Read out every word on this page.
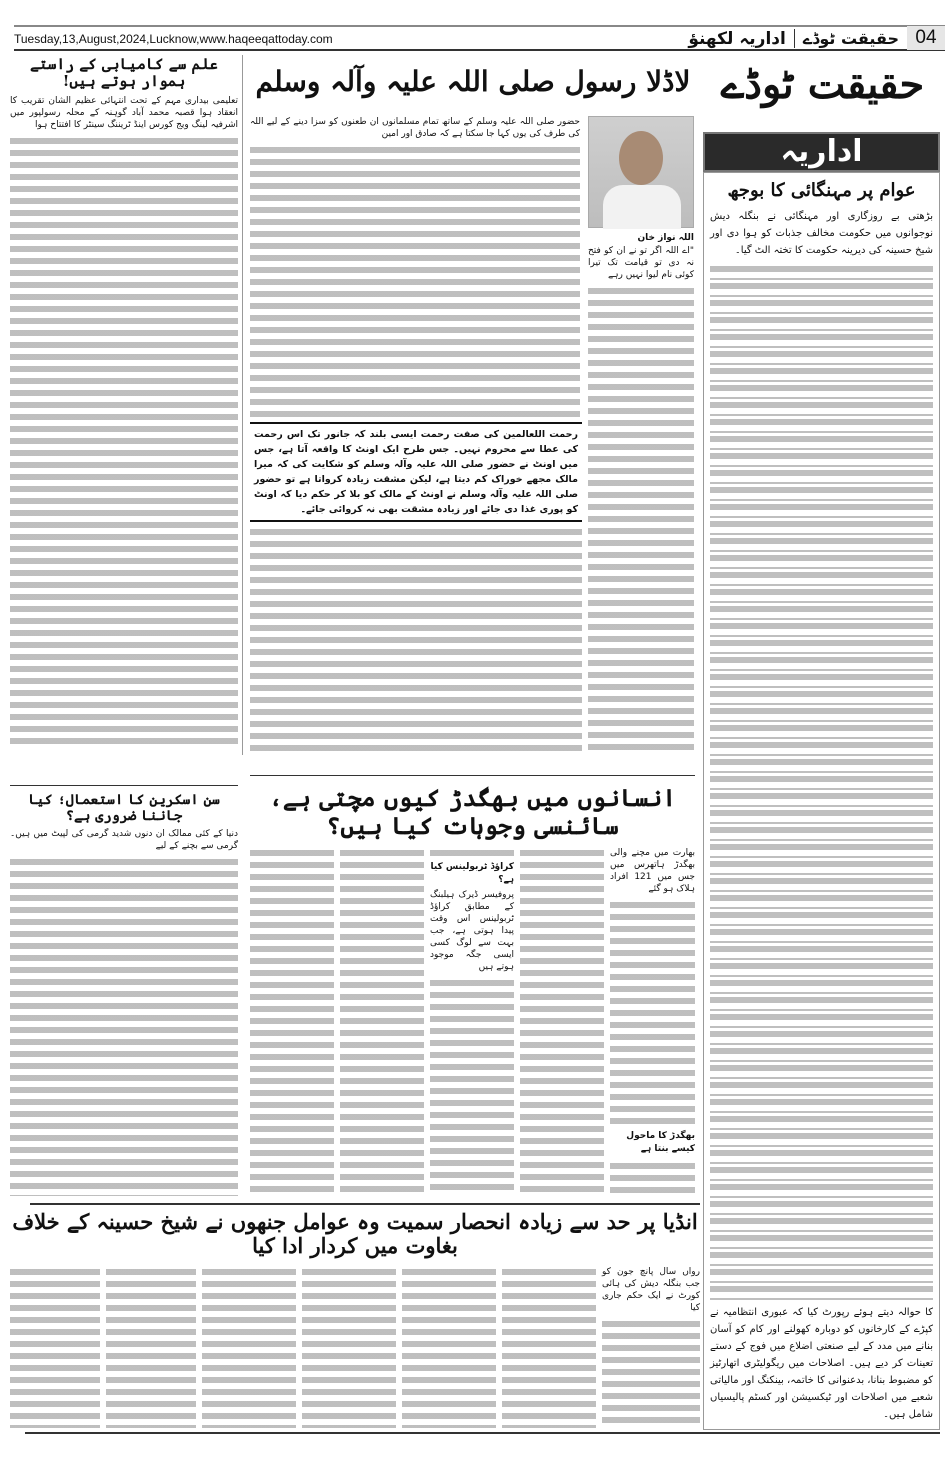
Tuesday,13,August,2024,Lucknow,www.haqeeqattoday.com	04
حقیقت ٹوڈے
اداریہ لکھنؤ
حقیقت ٹوڈے
اداریہ
عوام پر مہنگائی کا بوجھ
بڑھتی بے روزگاری اور مہنگائی نے بنگلہ دیش نوجوانوں میں حکومت مخالف جذبات کو ہوا دی اور شیخ حسینہ کی دیرینہ حکومت کا تختہ الٹ گیا۔
کا حوالہ دیتے ہوئے رپورٹ کیا کہ عبوری انتظامیہ نے کپڑے کے کارخانوں کو دوبارہ کھولنے اور کام کو آسان بنانے میں مدد کے لیے صنعتی اضلاع میں فوج کے دستے تعینات کر دیے ہیں۔ اصلاحات میں ریگولیٹری اتھارٹیز کو مضبوط بنانا، بدعنوانی کا خاتمہ، بینکنگ اور مالیاتی شعبے میں اصلاحات اور ٹیکسیشن اور کسٹم پالیسیاں شامل ہیں۔
لاڈلا رسول صلی اللہ علیہ وآلہ وسلم
اللہ نواز خان
"اے اللہ اگر تو نے ان کو فتح نہ دی تو قیامت تک تیرا کوئی نام لیوا نہیں رہے
حضور صلی اللہ علیہ وسلم کے ساتھ تمام مسلمانوں ان طعنوں کو سزا دینے کے لیے اللہ کی طرف کی یوں کہا جا سکتا ہے کہ صادق اور امین
رحمت اللعالمین کی صفت رحمت ایسی بلند کہ جانور تک اس رحمت کی عطا سے محروم نہیں۔ جس طرح ایک اونٹ کا واقعہ آتا ہے، جس میں اونٹ نے حضور صلی اللہ علیہ وآلہ وسلم کو شکایت کی کہ میرا مالک مجھے خوراک کم دیتا ہے، لیکن مشقت زیادہ کرواتا ہے تو حضور صلی اللہ علیہ وآلہ وسلم نے اونٹ کے مالک کو بلا کر حکم دیا کہ اونٹ کو پوری غذا دی جائے اور زیادہ مشقت بھی نہ کروائی جائے۔
علم سے کامیابی کے راستے ہموار ہوتے ہیں!
تعلیمی بیداری مہم کے تحت انتہائی عظیم الشان تقریب کا انعقاد ہوا قصبہ محمد آباد گوہنہ کے محلہ رسولپور میں اشرفیہ لینگ ویج کورس اینڈ ٹریننگ سینٹر کا افتتاح ہوا
سن اسکرین کا استعمال؛ کیا جاننا ضروری ہے؟
دنیا کے کئی ممالک ان دنوں شدید گرمی کی لپیٹ میں ہیں۔ گرمی سے بچنے کے لیے
انسانوں میں بھگدڑ کیوں مچتی ہے، سائنسی وجوہات کیا ہیں؟
بھارت میں مچنے والی بھگدڑ ہاتھرس میں جس میں 121 افراد ہلاک ہو گئے
بھگدڑ کا ماحول کیسے بنتا ہے
کراؤڈ ٹربولینس کیا ہے؟
پروفیسر ڈیرک ہیلبنگ کے مطابق کراؤڈ ٹربولینس اس وقت پیدا ہوتی ہے، جب بہت سے لوگ کسی ایسی جگہ موجود ہوتے ہیں
انڈیا پر حد سے زیادہ انحصار سمیت وہ عوامل جنھوں نے شیخ حسینہ کے خلاف بغاوت میں کردار ادا کیا
رواں سال پانچ جون کو جب بنگلہ دیش کی ہائی کورٹ نے ایک حکم جاری کیا
